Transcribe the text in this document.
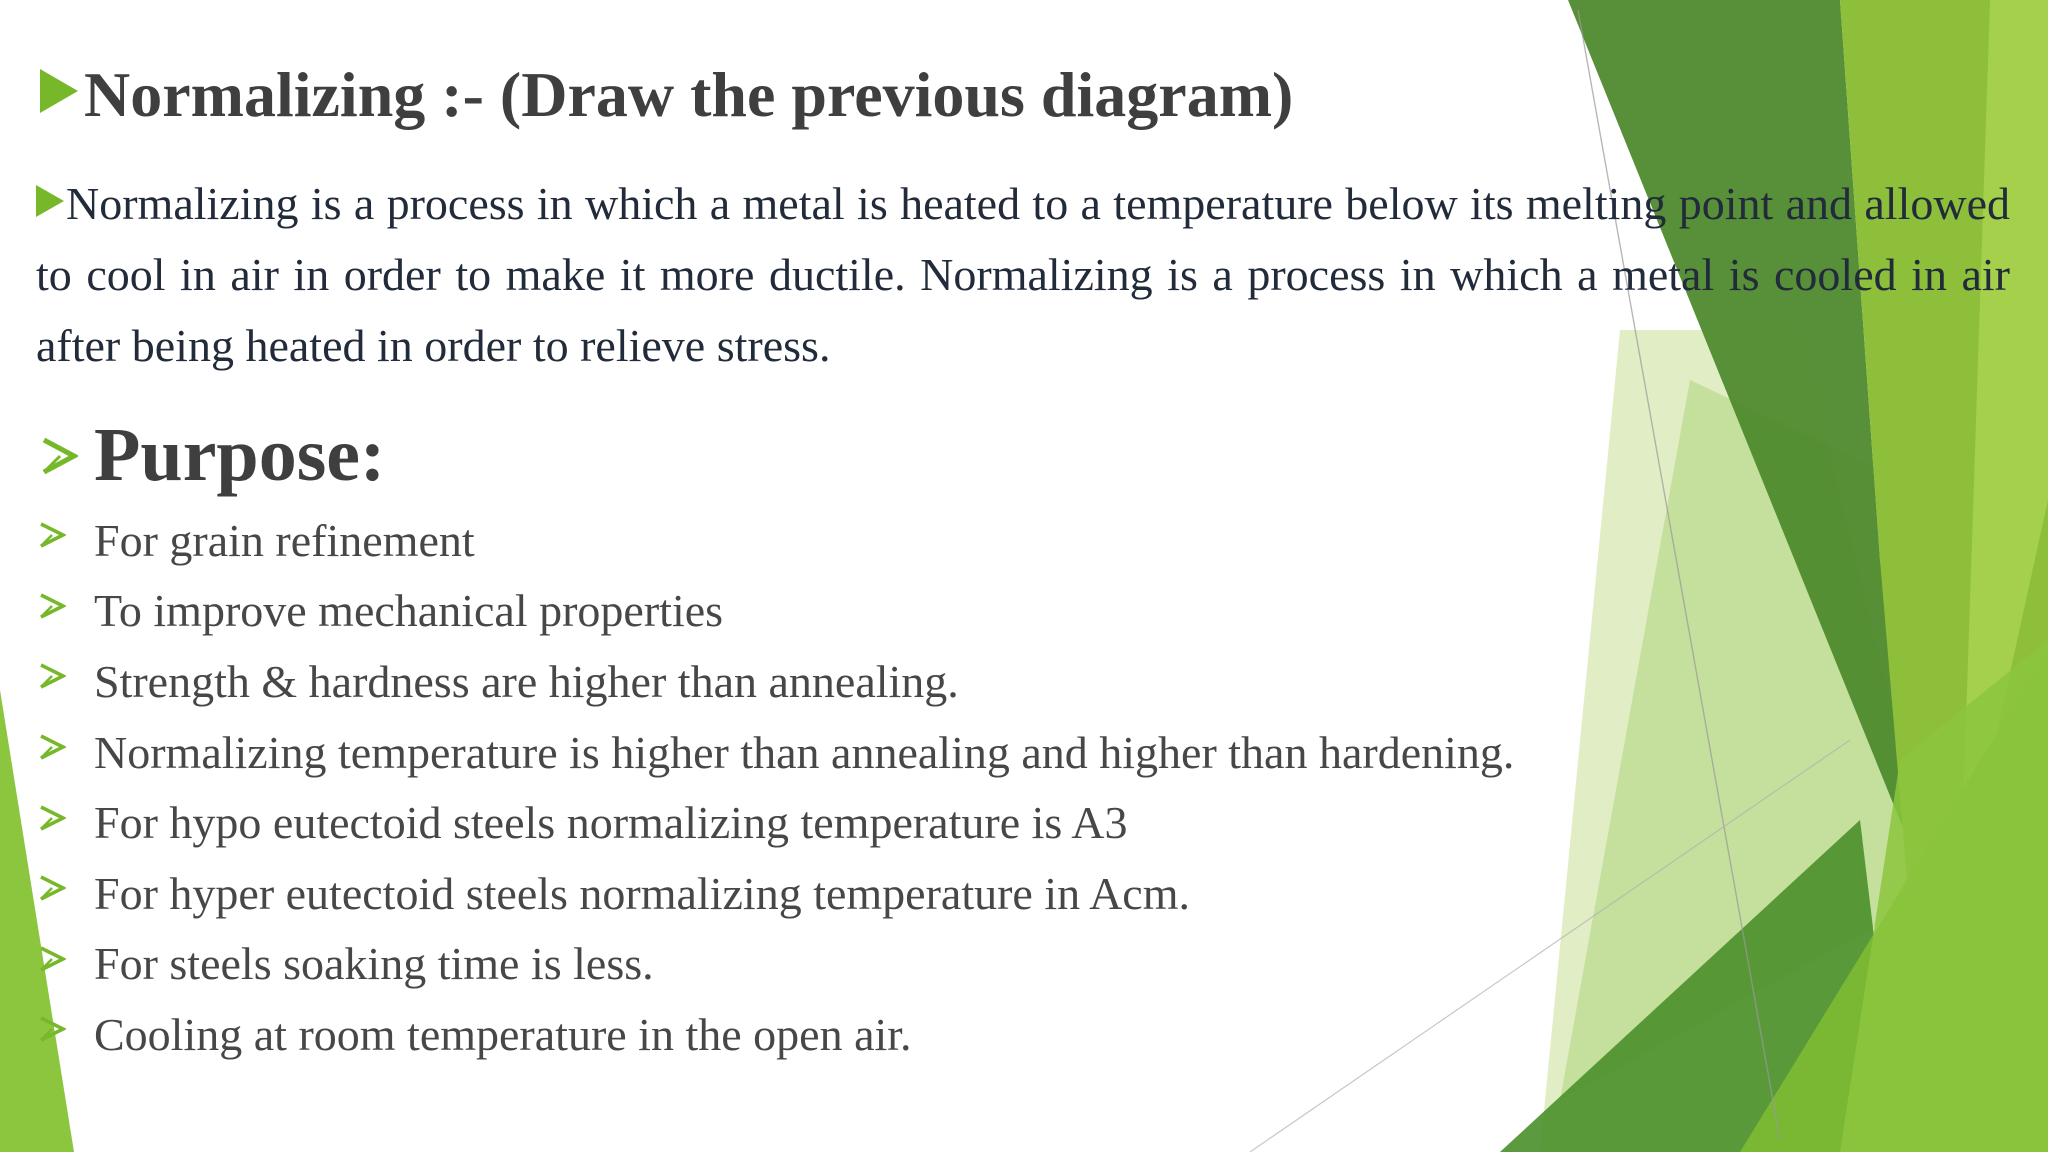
Normalizing :- (Draw the previous diagram)
Normalizing is a process in which a metal is heated to a temperature below its melting point and allowed to cool in air in order to make it more ductile. Normalizing is a process in which a metal is cooled in air after being heated in order to relieve stress.
Purpose:
For grain refinement
To improve mechanical properties
Strength & hardness are higher than annealing.
Normalizing temperature is higher than annealing and higher than hardening.
For hypo eutectoid steels normalizing temperature is A3
For hyper eutectoid steels normalizing temperature in Acm.
For steels soaking time is less.
Cooling at room temperature in the open air.
